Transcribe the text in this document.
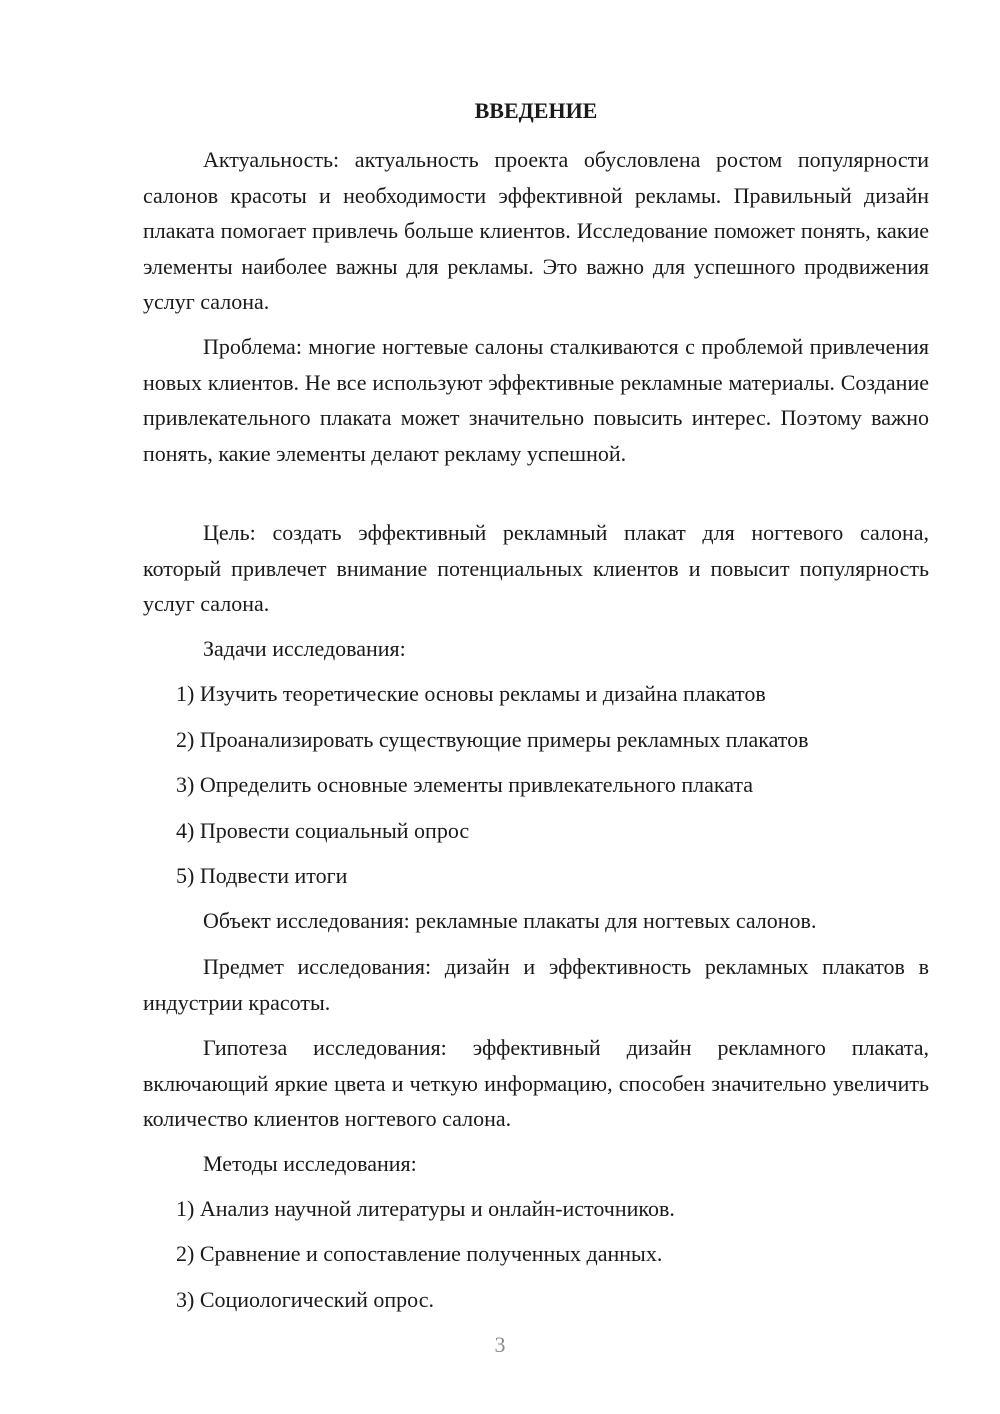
ВВЕДЕНИЕ

Актуальность: актуальность проекта обусловлена ростом популярности салонов красоты и необходимости эффективной рекламы. Правильный дизайн плаката помогает привлечь больше клиентов. Исследование поможет понять, какие элементы наиболее важны для рекламы. Это важно для успешного продвижения услуг салона.

Проблема: многие ногтевые салоны сталкиваются с проблемой привлечения новых клиентов. Не все используют эффективные рекламные материалы. Создание привлекательного плаката может значительно повысить интерес. Поэтому важно понять, какие элементы делают рекламу успешной.

Цель: создать эффективный рекламный плакат для ногтевого салона, который привлечет внимание потенциальных клиентов и повысит популярность услуг салона.

Задачи исследования:

1) Изучить теоретические основы рекламы и дизайна плакатов

2) Проанализировать существующие примеры рекламных плакатов

3) Определить основные элементы привлекательного плаката

4) Провести социальный опрос

5) Подвести итоги

Объект исследования: рекламные плакаты для ногтевых салонов.

Предмет исследования: дизайн и эффективность рекламных плакатов в индустрии красоты.

Гипотеза исследования: эффективный дизайн рекламного плаката, включающий яркие цвета и четкую информацию, способен значительно увеличить количество клиентов ногтевого салона.

Методы исследования:

1) Анализ научной литературы и онлайн-источников.

2) Сравнение и сопоставление полученных данных.

3) Социологический опрос.

3
